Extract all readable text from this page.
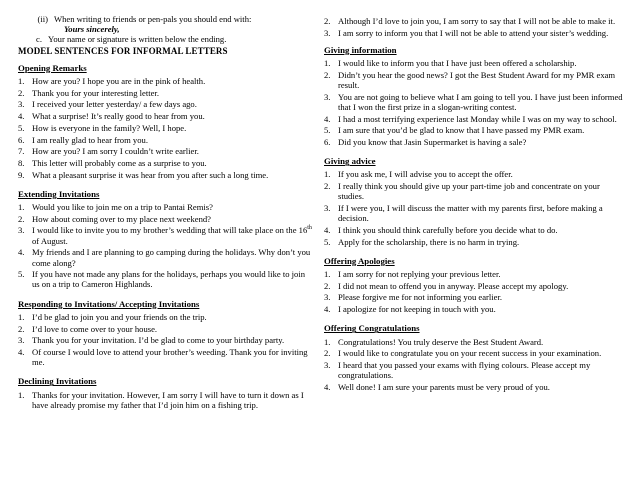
(ii) When writing to friends or pen-pals you should end with:
Yours sincerely,
c. Your name or signature is written below the ending.
MODEL SENTENCES FOR INFORMAL LETTERS
Opening Remarks
1. How are you? I hope you are in the pink of health.
2. Thank you for your interesting letter.
3. I received your letter yesterday/ a few days ago.
4. What a surprise! It’s really good to hear from you.
5. How is everyone in the family? Well, I hope.
6. I am really glad to hear from you.
7. How are you? I am sorry I couldn’t write earlier.
8. This letter will probably come as a surprise to you.
9. What a pleasant surprise it was hear from you after such a long time.
Extending Invitations
1. Would you like to join me on a trip to Pantai Remis?
2. How about coming over to my place next weekend?
3. I would like to invite you to my brother’s wedding that will take place on the 16th of August.
4. My friends and I are planning to go camping during the holidays. Why don’t you come along?
5. If you have not made any plans for the holidays, perhaps you would like to join us on a trip to Cameron Highlands.
Responding to Invitations/ Accepting Invitations
1. I’d be glad to join you and your friends on the trip.
2. I’d love to come over to your house.
3. Thank you for your invitation. I’d be glad to come to your birthday party.
4. Of course I would love to attend your brother’s weeding. Thank you for inviting me.
Declining Invitations
1. Thanks for your invitation. However, I am sorry I will have to turn it down as I have already promise my father that I’d join him on a fishing trip.
2. Although I’d love to join you, I am sorry to say that I will not be able to make it.
3. I am sorry to inform you that I will not be able to attend your sister’s wedding.
Giving information
1. I would like to inform you that I have just been offered a scholarship.
2. Didn’t you hear the good news? I got the Best Student Award for my PMR exam result.
3. You are not going to believe what I am going to tell you. I have just been informed that I won the first prize in a slogan-writing contest.
4. I had a most terrifying experience last Monday while I was on my way to school.
5. I am sure that you’d be glad to know that I have passed my PMR exam.
6. Did you know that Jasin Supermarket is having a sale?
Giving advice
1. If you ask me, I will advise you to accept the offer.
2. I really think you should give up your part-time job and concentrate on your studies.
3. If I were you, I will discuss the matter with my parents first, before making a decision.
4. I think you should think carefully before you decide what to do.
5. Apply for the scholarship, there is no harm in trying.
Offering Apologies
1. I am sorry for not replying your previous letter.
2. I did not mean to offend you in anyway. Please accept my apology.
3. Please forgive me for not informing you earlier.
4. I apologize for not keeping in touch with you.
Offering Congratulations
1. Congratulations! You truly deserve the Best Student Award.
2. I would like to congratulate you on your recent success in your examination.
3. I heard that you passed your exams with flying colours. Please accept my congratulations.
4. Well done! I am sure your parents must be very proud of you.
